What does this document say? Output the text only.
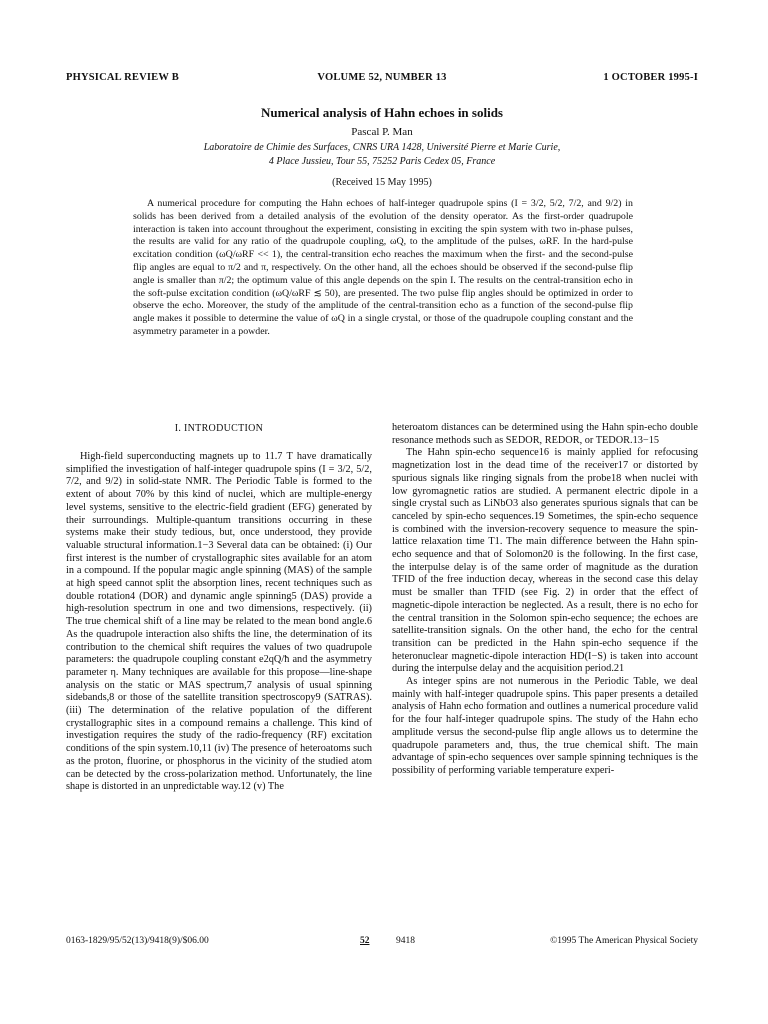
PHYSICAL REVIEW B	VOLUME 52, NUMBER 13	1 OCTOBER 1995-I
Numerical analysis of Hahn echoes in solids
Pascal P. Man
Laboratoire de Chimie des Surfaces, CNRS URA 1428, Université Pierre et Marie Curie,
4 Place Jussieu, Tour 55, 75252 Paris Cedex 05, France
(Received 15 May 1995)

A numerical procedure for computing the Hahn echoes of half-integer quadrupole spins (I = 3/2, 5/2, 7/2, and 9/2) in solids has been derived from a detailed analysis of the evolution of the density operator. As the first-order quadrupole interaction is taken into account throughout the experiment, consisting in exciting the spin system with two in-phase pulses, the results are valid for any ratio of the quadrupole coupling, ωQ, to the amplitude of the pulses, ωRF. In the hard-pulse excitation condition (ωQ/ωRF << 1), the central-transition echo reaches the maximum when the first- and the second-pulse flip angles are equal to π/2 and π, respectively. On the other hand, all the echoes should be observed if the second-pulse flip angle is smaller than π/2; the optimum value of this angle depends on the spin I. The results on the central-transition echo in the soft-pulse excitation condition (ωQ/ωRF ≲ 50), are presented. The two pulse flip angles should be optimized in order to observe the echo. Moreover, the study of the amplitude of the central-transition echo as a function of the second-pulse flip angle makes it possible to determine the value of ωQ in a single crystal, or those of the quadrupole coupling constant and the asymmetry parameter in a powder.

I. INTRODUCTION

High-field superconducting magnets up to 11.7 T have dramatically simplified the investigation of half-integer quadrupole spins (I = 3/2, 5/2, 7/2, and 9/2) in solid-state NMR. The Periodic Table is formed to the extent of about 70% by this kind of nuclei, which are multiple-energy level systems, sensitive to the electric-field gradient (EFG) generated by their surroundings. Multiple-quantum transitions occurring in these systems make their study tedious, but, once understood, they provide valuable structural information.1−3 Several data can be obtained: (i) Our first interest is the number of crystallographic sites available for an atom in a compound. If the popular magic angle spinning (MAS) of the sample at high speed cannot split the absorption lines, recent techniques such as double rotation4 (DOR) and dynamic angle spinning5 (DAS) provide a high-resolution spectrum in one and two dimensions, respectively. (ii) The true chemical shift of a line may be related to the mean bond angle.6 As the quadrupole interaction also shifts the line, the determination of its contribution to the chemical shift requires the values of two quadrupole parameters: the quadrupole coupling constant e2qQ/ħ and the asymmetry parameter η. Many techniques are available for this propose—line-shape analysis on the static or MAS spectrum,7 analysis of usual spinning sidebands,8 or those of the satellite transition spectroscopy9 (SATRAS). (iii) The determination of the relative population of the different crystallographic sites in a compound remains a challenge. This kind of investigation requires the study of the radio-frequency (RF) excitation conditions of the spin system.10,11 (iv) The presence of heteroatoms such as the proton, fluorine, or phosphorus in the vicinity of the studied atom can be detected by the cross-polarization method. Unfortunately, the line shape is distorted in an unpredictable way.12 (v) The

heteroatom distances can be determined using the Hahn spin-echo double resonance methods such as SEDOR, REDOR, or TEDOR.13−15

The Hahn spin-echo sequence16 is mainly applied for refocusing magnetization lost in the dead time of the receiver17 or distorted by spurious signals like ringing signals from the probe18 when nuclei with low gyromagnetic ratios are studied. A permanent electric dipole in a single crystal such as LiNbO3 also generates spurious signals that can be canceled by spin-echo sequences.19 Sometimes, the spin-echo sequence is combined with the inversion-recovery sequence to measure the spin-lattice relaxation time T1. The main difference between the Hahn spin-echo sequence and that of Solomon20 is the following. In the first case, the interpulse delay is of the same order of magnitude as the duration TFID of the free induction decay, whereas in the second case this delay must be smaller than TFID (see Fig. 2) in order that the effect of magnetic-dipole interaction be neglected. As a result, there is no echo for the central transition in the Solomon spin-echo sequence; the echoes are satellite-transition signals. On the other hand, the echo for the central transition can be predicted in the Hahn spin-echo sequence if the heteronuclear magnetic-dipole interaction HD(I−S) is taken into account during the interpulse delay and the acquisition period.21

As integer spins are not numerous in the Periodic Table, we deal mainly with half-integer quadrupole spins. This paper presents a detailed analysis of Hahn echo formation and outlines a numerical procedure valid for the four half-integer quadrupole spins. The study of the Hahn echo amplitude versus the second-pulse flip angle allows us to determine the quadrupole parameters and, thus, the true chemical shift. The main advantage of spin-echo sequences over sample spinning techniques is the possibility of performing variable temperature experi-

0163-1829/95/52(13)/9418(9)/$06.00	52	9418	©1995 The American Physical Society
